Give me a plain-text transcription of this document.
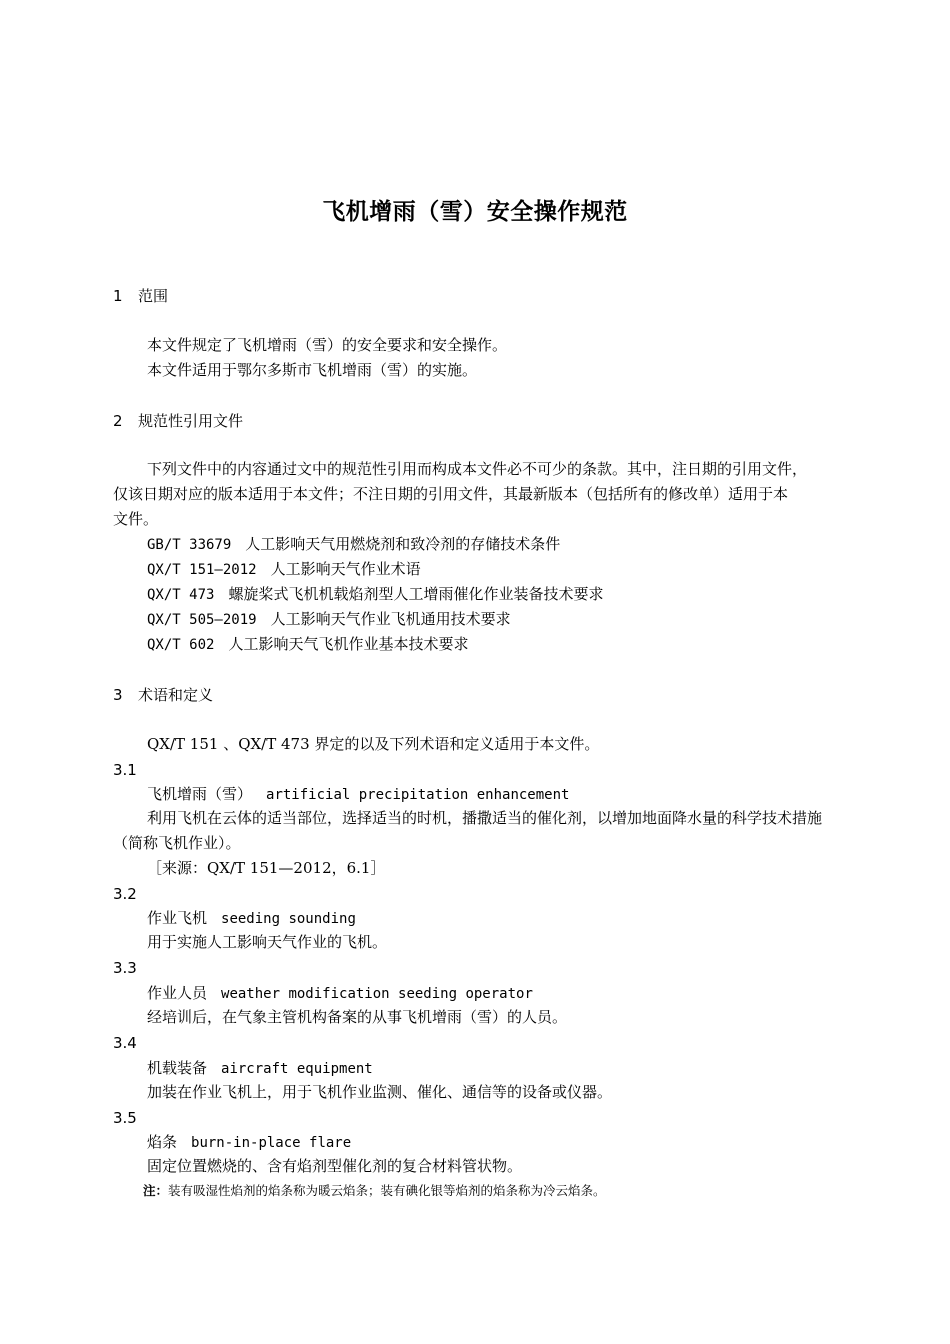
飞机增雨（雪）安全操作规范
1 范围
本文件规定了飞机增雨（雪）的安全要求和安全操作。
本文件适用于鄂尔多斯市飞机增雨（雪）的实施。
2 规范性引用文件
下列文件中的内容通过文中的规范性引用而构成本文件必不可少的条款。其中，注日期的引用文件，
仅该日期对应的版本适用于本文件；不注日期的引用文件，其最新版本（包括所有的修改单）适用于本
文件。
GB/T 33679 人工影响天气用燃烧剂和致冷剂的存储技术条件
QX/T 151—2012 人工影响天气作业术语
QX/T 473 螺旋桨式飞机机载焰剂型人工增雨催化作业装备技术要求
QX/T 505—2019 人工影响天气作业飞机通用技术要求
QX/T 602 人工影响天气飞机作业基本技术要求
3 术语和定义
QX/T 151 、QX/T 473 界定的以及下列术语和定义适用于本文件。
3.1
飞机增雨（雪） artificial precipitation enhancement
利用飞机在云体的适当部位，选择适当的时机，播撒适当的催化剂，以增加地面降水量的科学技术措施
（简称飞机作业）。
［来源：QX/T 151—2012，6.1］
3.2
作业飞机 seeding sounding
用于实施人工影响天气作业的飞机。
3.3
作业人员 weather modification seeding operator
经培训后，在气象主管机构备案的从事飞机增雨（雪）的人员。
3.4
机载装备 aircraft equipment
加装在作业飞机上，用于飞机作业监测、催化、通信等的设备或仪器。
3.5
焰条 burn-in-place flare
固定位置燃烧的、含有焰剂型催化剂的复合材料管状物。
注：装有吸湿性焰剂的焰条称为暖云焰条；装有碘化银等焰剂的焰条称为冷云焰条。
